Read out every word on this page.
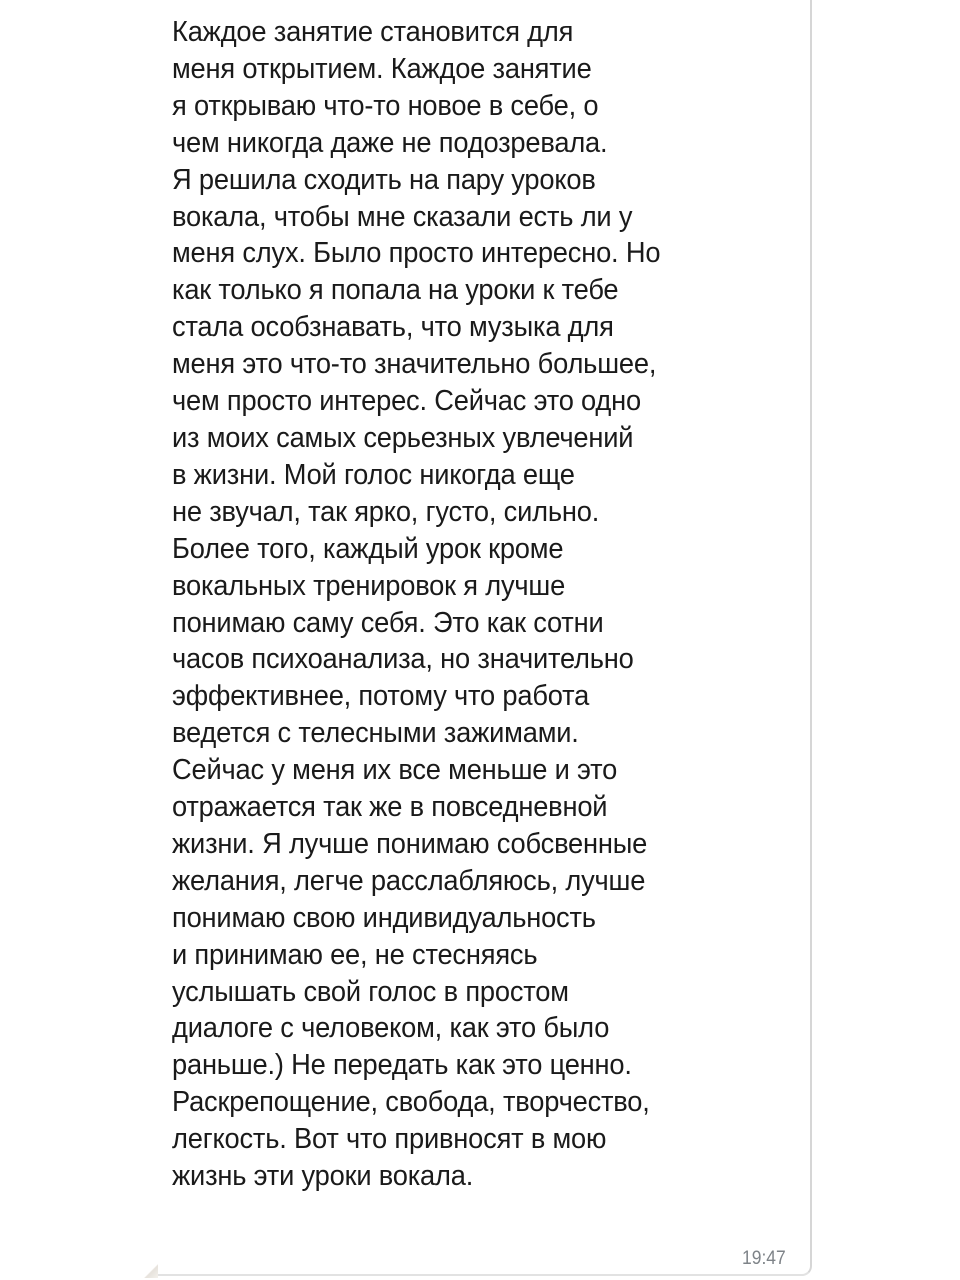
Каждое занятие становится для
меня открытием. Каждое занятие
я открываю что-то новое в себе, о
чем никогда даже не подозревала.
Я решила сходить на пару уроков
вокала, чтобы мне сказали есть ли у
меня слух. Было просто интересно. Но
как только я попала на уроки к тебе
стала особзнавать, что музыка для
меня это что-то значительно большее,
чем просто интерес. Сейчас это одно
из моих самых серьезных увлечений
в жизни. Мой голос никогда еще
не звучал, так ярко, густо, сильно.
Более того, каждый урок кроме
вокальных тренировок я лучше
понимаю саму себя. Это как сотни
часов психоанализа, но значительно
эффективнее, потому что работа
ведется с телесными зажимами.
Сейчас у меня их все меньше и это
отражается так же в повседневной
жизни. Я лучше понимаю собсвенные
желания, легче расслабляюсь, лучше
понимаю свою индивидуальность
и принимаю ее, не стесняясь
услышать свой голос в простом
диалоге с человеком, как это было
раньше.) Не передать как это ценно.
Раскрепощение, свобода, творчество,
легкость. Вот что привносят в мою
жизнь эти уроки вокала.

19:47
